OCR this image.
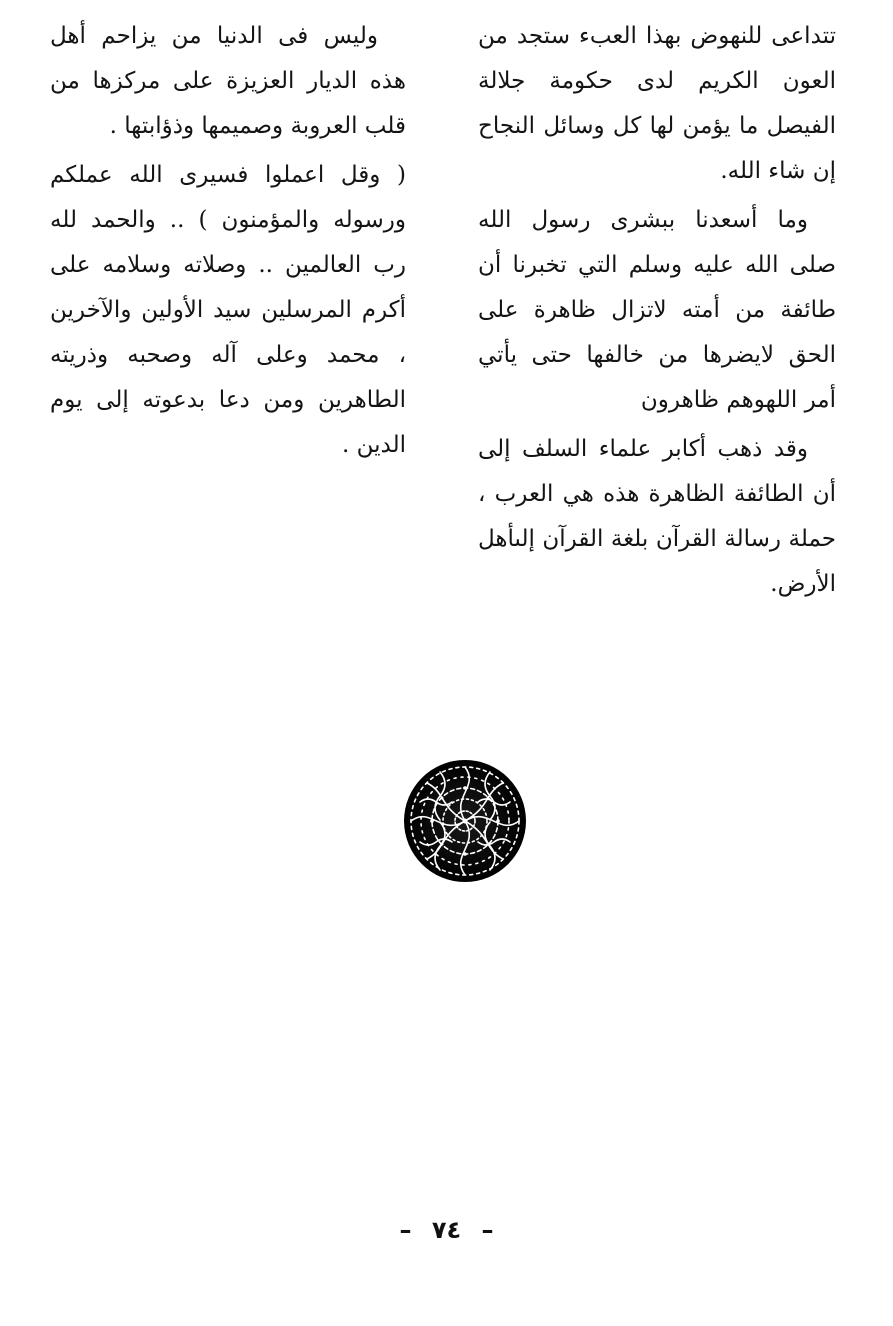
تتداعى للنهوض بهذا العبء ستجد من العون الكريم لدى حكومة جلالة الفيصل ما يؤمن لها كل وسائل النجاح إن شاء الله.

وما أسعدنا ببشرى رسول الله صلى الله عليه وسلم التي تخبرنا أن طائفة من أمته لاتزال ظاهرة على الحق لايضرها من خالفها حتى يأتي أمر اللهوهم ظاهرون

وقد ذهب أكابر علماء السلف إلى أن الطائفة الظاهرة هذه هي العرب ، حملة رسالة القرآن بلغة القرآن إلىأهل الأرض.

وليس فى الدنيا من يزاحم أهل هذه الديار العزيزة على مركزها من قلب العروبة وصميمها وذؤابتها .

( وقل اعملوا فسيرى الله عملكم ورسوله والمؤمنون ) .. والحمد لله رب العالمين .. وصلاته وسلامه على أكرم المرسلين سيد الأولين والآخرين ، محمد وعلى آله وصحبه وذريته الطاهرين ومن دعا بدعوته إلى يوم الدين .

– ٧٤ –
